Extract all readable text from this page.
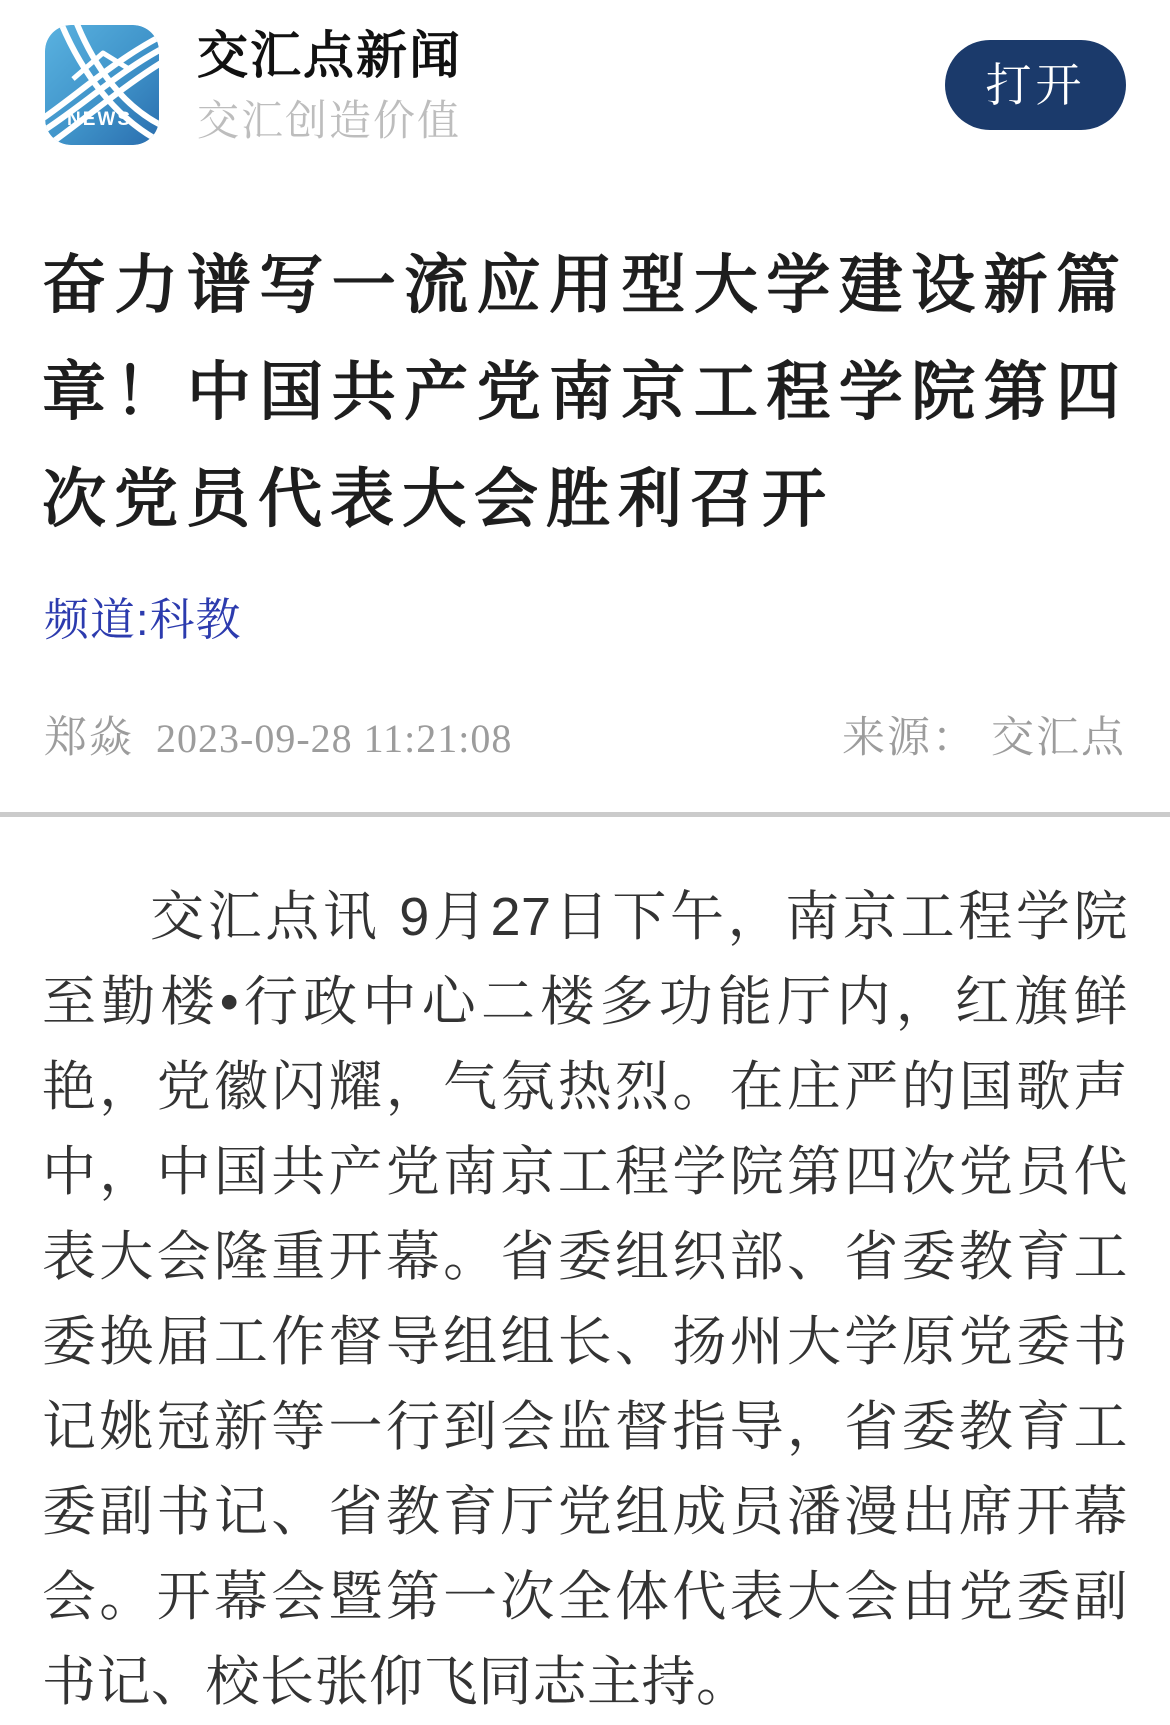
NEWS
交汇点新闻
交汇创造价值
打开
奋力谱写一流应用型大学建设新篇章！中国共产党南京工程学院第四次党员代表大会胜利召开
频道:科教
郑焱 2023-09-28 11:21:08	来源： 交汇点

交汇点讯 9月27日下午，南京工程学院至勤楼•行政中心二楼多功能厅内，红旗鲜艳，党徽闪耀，气氛热烈。在庄严的国歌声中，中国共产党南京工程学院第四次党员代表大会隆重开幕。省委组织部、省委教育工委换届工作督导组组长、扬州大学原党委书记姚冠新等一行到会监督指导，省委教育工委副书记、省教育厅党组成员潘漫出席开幕会。开幕会暨第一次全体代表大会由党委副书记、校长张仰飞同志主持。
